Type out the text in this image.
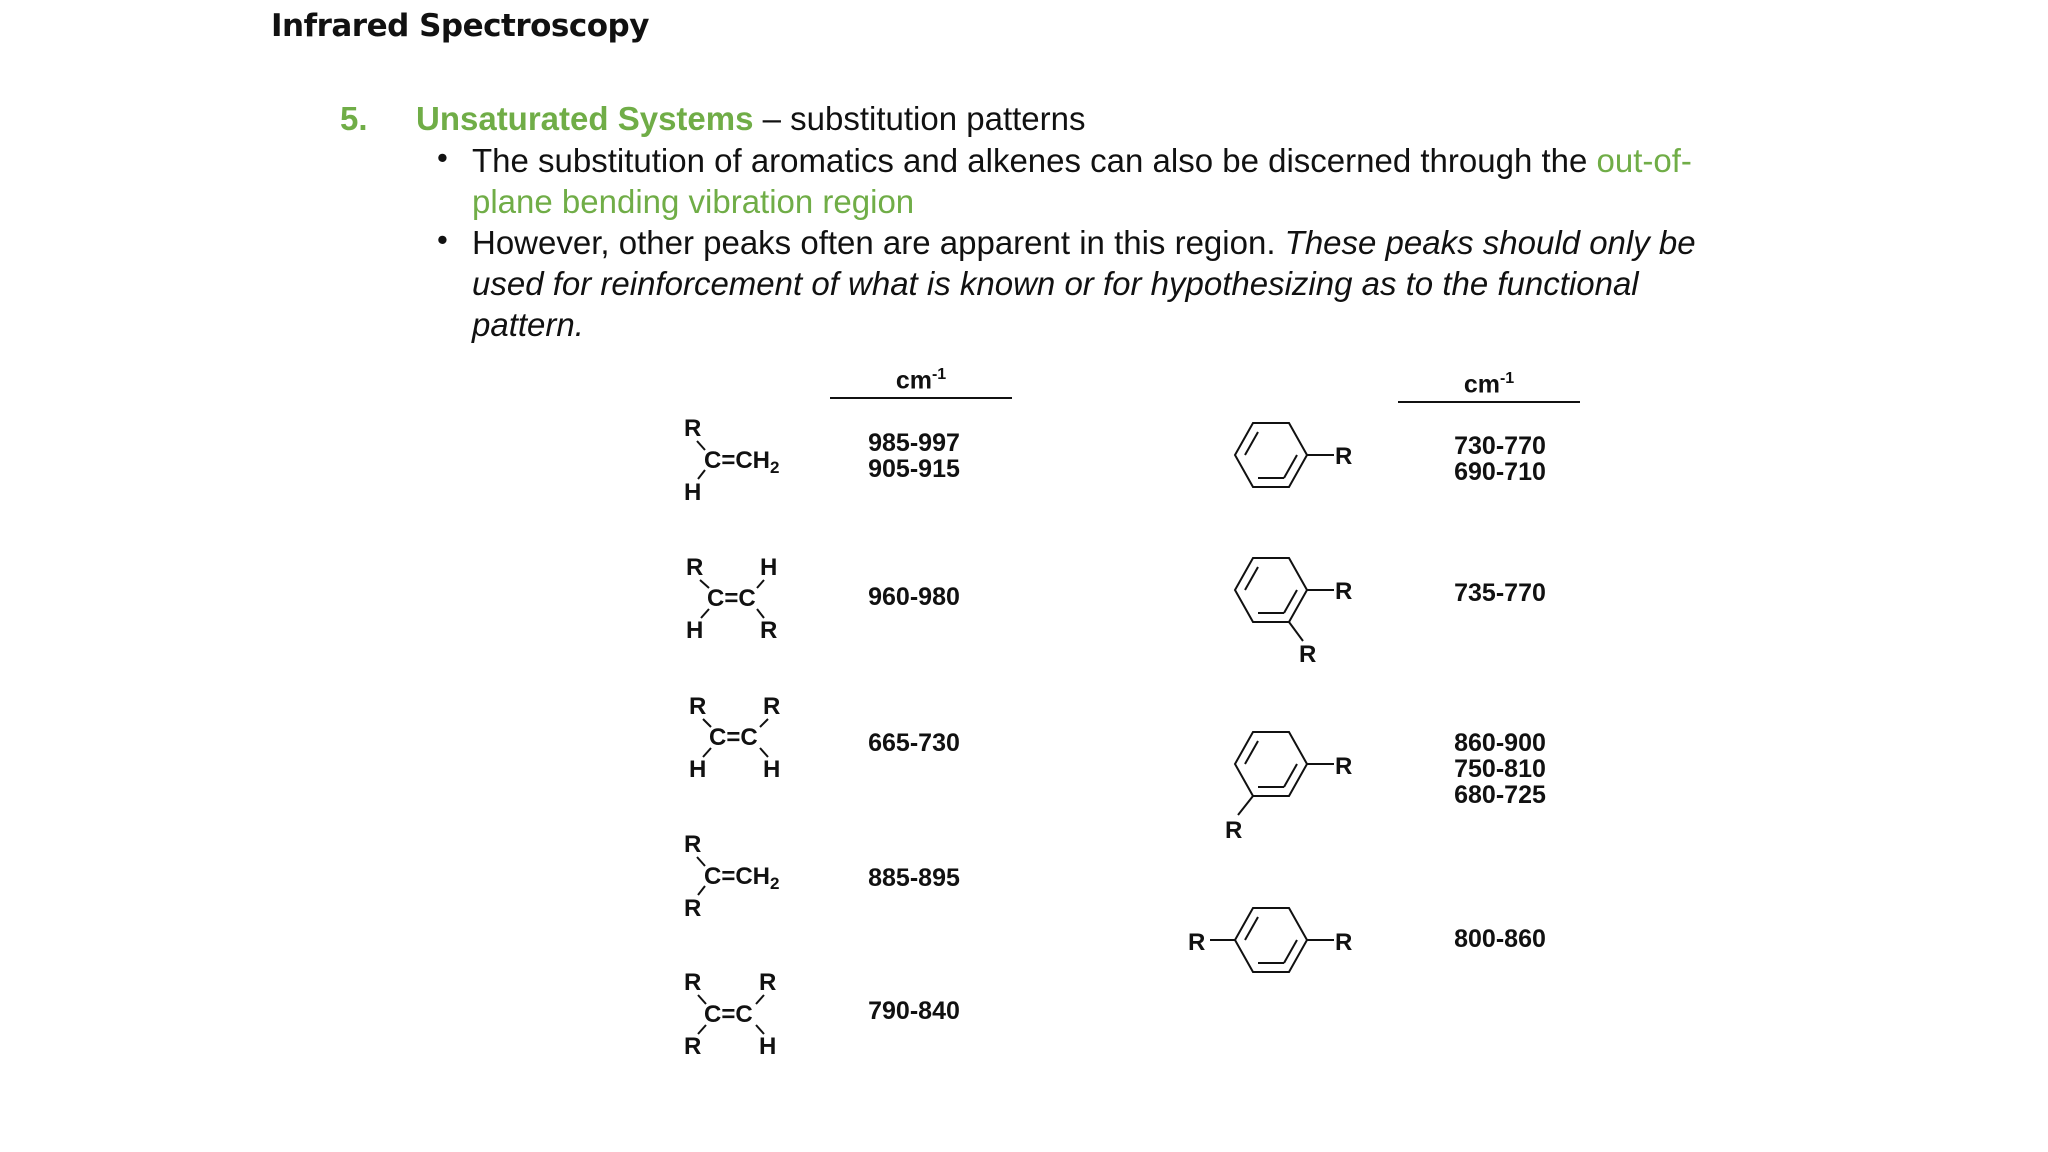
Infrared Spectroscopy
5. Unsaturated Systems – substitution patterns
• The substitution of aromatics and alkenes can also be discerned through the out-of-plane bending vibration region
• However, other peaks often are apparent in this region. These peaks should only be used for reinforcement of what is known or for hypothesizing as to the functional pattern.
$cm^{-1}$	$cm^{-1}$
985-997
905-915
960-980
665-730
885-895
790-840
730-770
690-710
735-770
860-900
750-810
680-725
800-860
R
H
$C=CH_2$
R H
C=C
H R
R R
C=C
H H
R
R
$C=CH_2$
R R
C=C
R H
R
R
R
R
R
R
R
